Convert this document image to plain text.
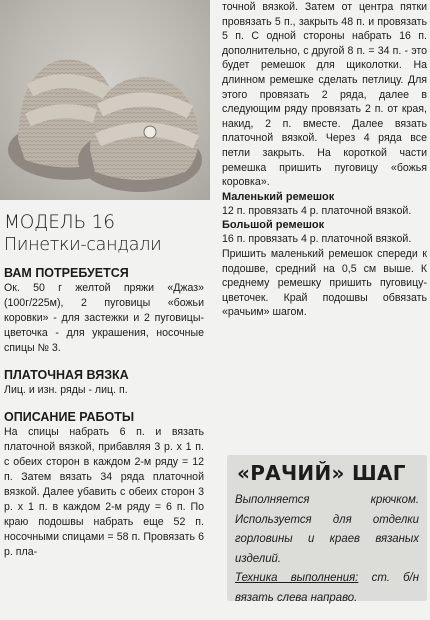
МОДЕЛЬ 16

Пинетки-сандали

ВАМ ПОТРЕБУЕТСЯ

Ок. 50 г желтой пряжи «Джаз» (100г/225м), 2 пуговицы «божьи коровки» - для застежки и 2 пуговицы-цветочка - для украшения, носочные спицы № 3.

ПЛАТОЧНАЯ ВЯЗКА

Лиц. и изн. ряды - лиц. п.

ОПИСАНИЕ РАБОТЫ

На спицы набрать 6 п. и вязать платочной вязкой, прибавляя 3 р. х 1 п. с обеих сторон в каждом 2-м ряду = 12 п. Затем вязать 34 ряда платочной вязкой. Далее убавить с обеих сторон 3 р. х 1 п. в каждом 2-м ряду = 6 п. По краю подошвы набрать еще 52 п. носочными спицами = 58 п. Провязать 6 р. пла-

точной вязкой. Затем от центра пятки провязать 5 п., закрыть 48 п. и провязать 5 п. С одной стороны набрать 16 п. дополнительно, с другой 8 п. = 34 п. - это будет ремешок для щиколотки. На длинном ремешке сделать петлицу. Для этого провязать 2 ряда, далее в следующим ряду провязать 2 п. от края, накид, 2 п. вместе. Далее вязать платочной вязкой. Через 4 ряда все петли закрыть. На короткой части ремешка пришить пуговицу «божья коровка».

Маленький ремешок

12 п. провязать 4 р. платочной вязкой.

Большой ремешок

16 п. провязать 4 р. платочной вязкой.

Пришить маленький ремешок спереди к подошве, средний на 0,5 см выше. К среднему ремешку пришить пуговицу-цветочек. Край подошвы обвязать «рачьим» шагом.

«РАЧИЙ» ШАГ

Выполняется крючком. Используется для отделки горловины и краев вязаных изделий.
Техника выполнения: ст. б/н вязать слева направо.
